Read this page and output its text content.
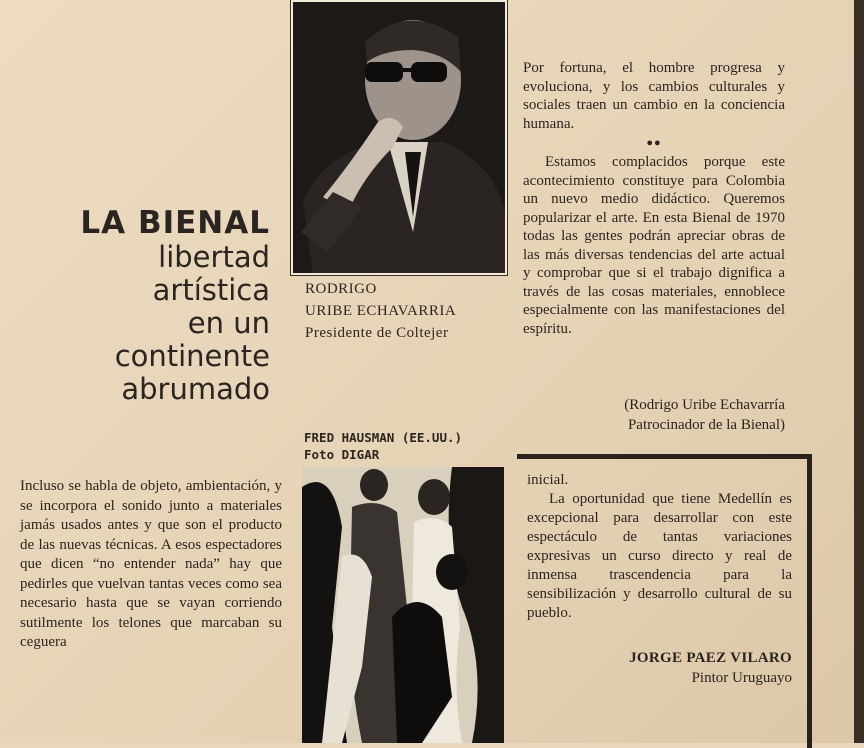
LA BIENAL
libertad
artística
en un
continente
abrumado
RODRIGO
URIBE ECHAVARRIA
Presidente de Coltejer

Por fortuna, el hombre progresa y evoluciona, y los cambios culturales y sociales traen un cambio en la conciencia humana.

●●

Estamos complacidos porque este acontecimiento constituye para Colombia un nuevo medio didáctico. Queremos popularizar el arte. En esta Bienal de 1970 todas las gentes podrán apreciar obras de las más diversas tendencias del arte actual y comprobar que si el trabajo dignifica a través de las cosas materiales, ennoblece especialmente con las manifestaciones del espíritu.

(Rodrigo Uribe Echavarría
Patrocinador de la Bienal)
FRED HAUSMAN (EE.UU.)
Foto DIGAR

Incluso se habla de objeto, ambientación, y se incorpora el sonido junto a materiales jamás usados antes y que son el producto de las nuevas técnicas. A esos espectadores que dicen “no entender nada” hay que pedirles que vuelvan tantas veces como sea necesario hasta que se vayan corriendo sutilmente los telones que marcaban su ceguera

inicial.

La oportunidad que tiene Medellín es excepcional para desarrollar con este espectáculo de tantas variaciones expresivas un curso directo y real de inmensa trascendencia para la sensibilización y desarrollo cultural de su pueblo.

JORGE PAEZ VILARO
Pintor Uruguayo
